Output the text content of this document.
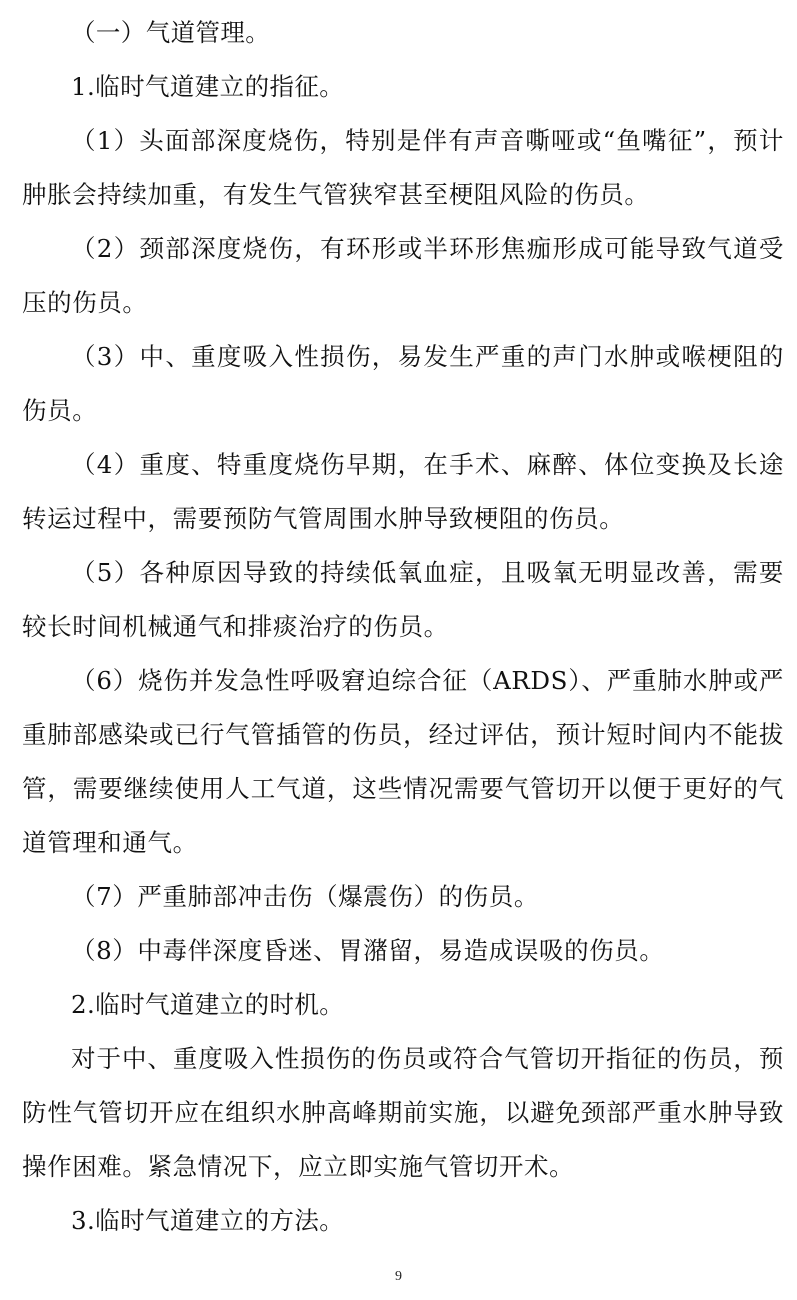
（一）气道管理。

1.临时气道建立的指征。

（1）头面部深度烧伤，特别是伴有声音嘶哑或“鱼嘴征”，预计肿胀会持续加重，有发生气管狭窄甚至梗阻风险的伤员。

（2）颈部深度烧伤，有环形或半环形焦痂形成可能导致气道受压的伤员。

（3）中、重度吸入性损伤，易发生严重的声门水肿或喉梗阻的伤员。

（4）重度、特重度烧伤早期，在手术、麻醉、体位变换及长途转运过程中，需要预防气管周围水肿导致梗阻的伤员。

（5）各种原因导致的持续低氧血症，且吸氧无明显改善，需要较长时间机械通气和排痰治疗的伤员。

（6）烧伤并发急性呼吸窘迫综合征（ARDS）、严重肺水肿或严重肺部感染或已行气管插管的伤员，经过评估，预计短时间内不能拔管，需要继续使用人工气道，这些情况需要气管切开以便于更好的气道管理和通气。

（7）严重肺部冲击伤（爆震伤）的伤员。

（8）中毒伴深度昏迷、胃潴留，易造成误吸的伤员。

2.临时气道建立的时机。

对于中、重度吸入性损伤的伤员或符合气管切开指征的伤员，预防性气管切开应在组织水肿高峰期前实施，以避免颈部严重水肿导致操作困难。紧急情况下，应立即实施气管切开术。

3.临时气道建立的方法。

9
